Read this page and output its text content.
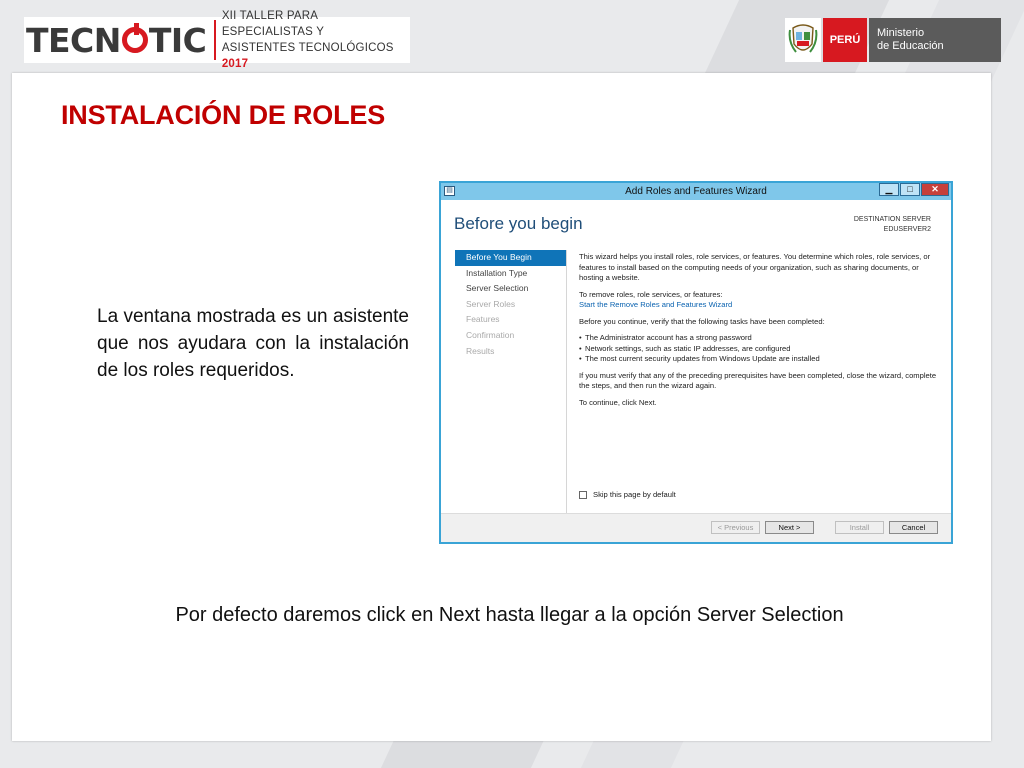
TECN TIC
XII TALLER PARA ESPECIALISTAS Y
ASISTENTES TECNOLÓGICOS 2017
PERÚ
Ministerio
de Educación
INSTALACIÓN DE ROLES

La ventana mostrada es un asistente que nos ayudara con la instalación de los roles requeridos.

▤	Add Roles and Features Wizard	▁	□	✕
Before you begin	DESTINATION SERVER
EDUSERVER2
Before You Begin
Installation Type
Server Selection
Server Roles
Features
Confirmation
Results

This wizard helps you install roles, role services, or features. You determine which roles, role services, or features to install based on the computing needs of your organization, such as sharing documents, or hosting a website.

To remove roles, role services, or features:
Start the Remove Roles and Features Wizard

Before you continue, verify that the following tasks have been completed:

• The Administrator account has a strong password
• Network settings, such as static IP addresses, are configured
• The most current security updates from Windows Update are installed

If you must verify that any of the preceding prerequisites have been completed, close the wizard, complete the steps, and then run the wizard again.

To continue, click Next.

Skip this page by default
< Previous	Next >	Install	Cancel
Por defecto daremos click en Next hasta llegar a la opción Server Selection
